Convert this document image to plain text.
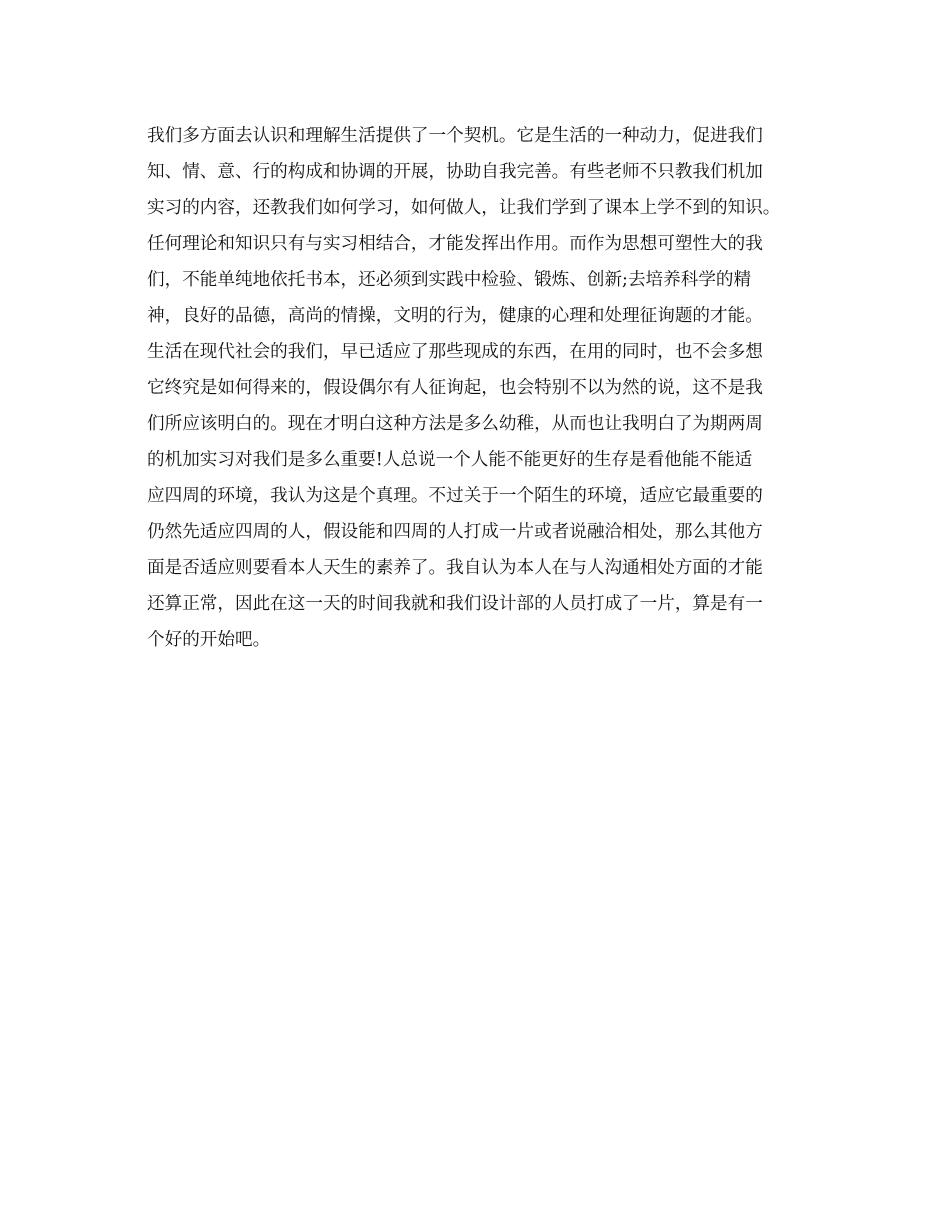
我们多方面去认识和理解生活提供了一个契机。它是生活的一种动力，促进我们
知、情、意、行的构成和协调的开展，协助自我完善。有些老师不只教我们机加
实习的内容，还教我们如何学习，如何做人，让我们学到了课本上学不到的知识。
任何理论和知识只有与实习相结合，才能发挥出作用。而作为思想可塑性大的我
们，不能单纯地依托书本，还必须到实践中检验、锻炼、创新;去培养科学的精
神，良好的品德，高尚的情操，文明的行为，健康的心理和处理征询题的才能。
生活在现代社会的我们，早已适应了那些现成的东西，在用的同时，也不会多想
它终究是如何得来的，假设偶尔有人征询起，也会特别不以为然的说，这不是我
们所应该明白的。现在才明白这种方法是多么幼稚，从而也让我明白了为期两周
的机加实习对我们是多么重要!人总说一个人能不能更好的生存是看他能不能适
应四周的环境，我认为这是个真理。不过关于一个陌生的环境，适应它最重要的
仍然先适应四周的人，假设能和四周的人打成一片或者说融洽相处，那么其他方
面是否适应则要看本人天生的素养了。我自认为本人在与人沟通相处方面的才能
还算正常，因此在这一天的时间我就和我们设计部的人员打成了一片，算是有一
个好的开始吧。
